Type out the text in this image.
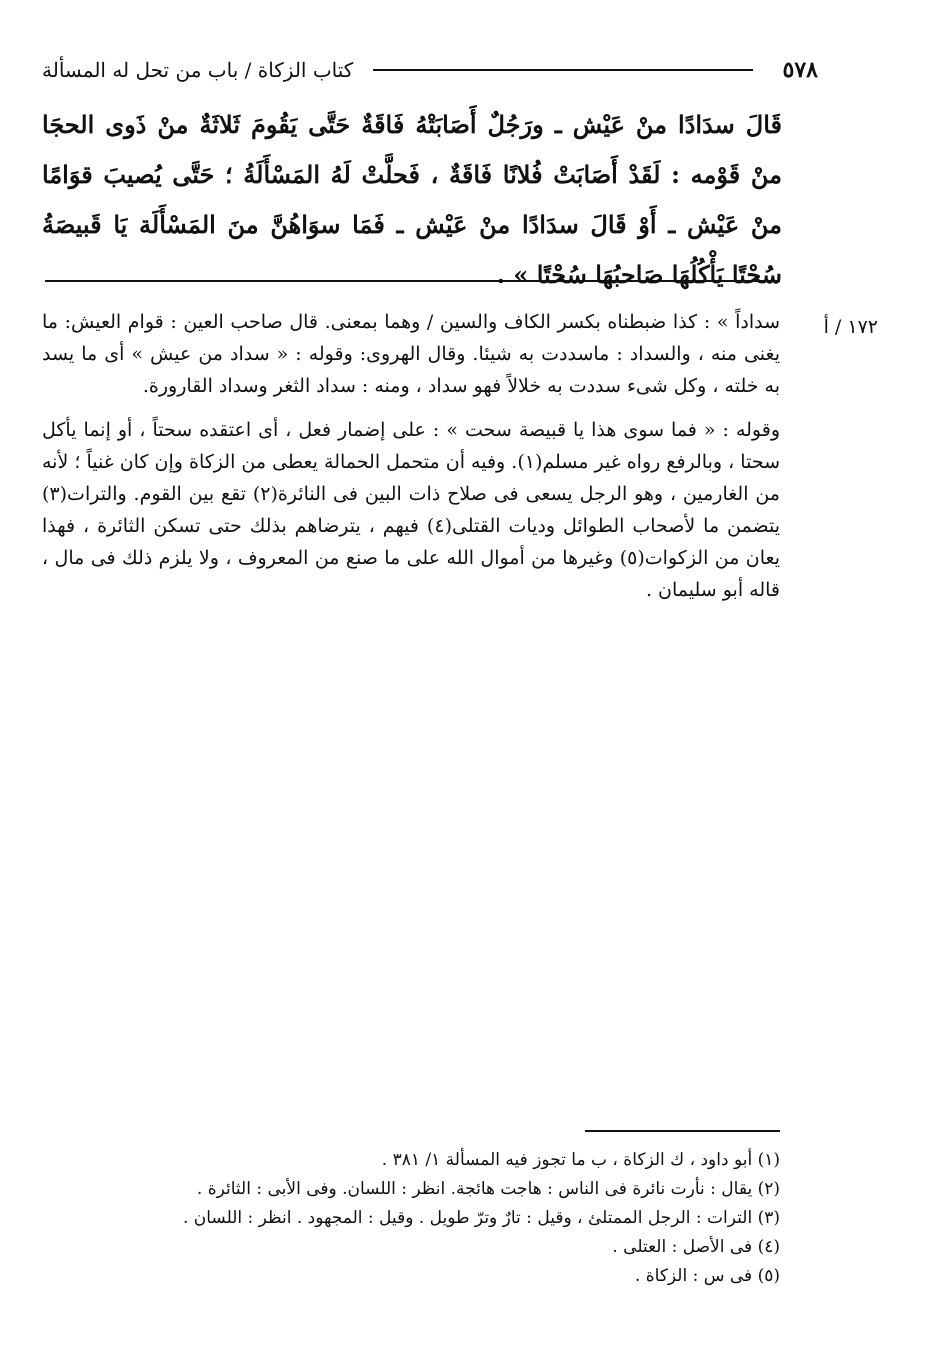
٥٧٨
كتاب الزكاة / باب من تحل له المسألة
قَالَ سدَادًا منْ عَيْش ـ ورَجُلٌ أَصَابَتْهُ فَاقَةٌ حَتَّى يَقُومَ ثَلاثَةٌ منْ ذَوى الحجَا منْ قَوْمه : لَقَدْ أَصَابَتْ فُلانًا فَاقَةٌ ، فَحلَّتْ لَهُ المَسْأَلَةُ ؛ حَتَّى يُصيبَ قوَامًا منْ عَيْش ـ أَوْ قَالَ سدَادًا منْ عَيْش ـ فَمَا سوَاهُنَّ منَ المَسْأَلَة يَا قَبيصَةُ سُحْتًا يَأْكُلُهَا صَاحبُهَا سُحْتًا » .
١٧٢ / أ

سداداً » : كذا ضبطناه بكسر الكاف والسين / وهما بمعنى. قال صاحب العين : قوام العيش: ما يغنى منه ، والسداد : ماسددت به شيئا. وقال الهروى: وقوله : « سداد من عيش » أى ما يسد به خلته ، وكل شىء سددت به خلالاً فهو سداد ، ومنه : سداد الثغر وسداد القارورة.

وقوله : « فما سوى هذا يا قبيصة سحت » : على إضمار فعل ، أى اعتقده سحتاً ، أو إنما يأكل سحتا ، وبالرفع رواه غير مسلم(١). وفيه أن متحمل الحمالة يعطى من الزكاة وإن كان غنياً ؛ لأنه من الغارمين ، وهو الرجل يسعى فى صلاح ذات البين فى النائرة(٢) تقع بين القوم. والترات(٣) يتضمن ما لأصحاب الطوائل وديات القتلى(٤) فيهم ، يترضاهم بذلك حتى تسكن الثائرة ، فهذا يعان من الزكوات(٥) وغيرها من أموال الله على ما صنع من المعروف ، ولا يلزم ذلك فى مال ، قاله أبو سليمان .

(١) أبو داود ، ك الزكاة ، ب ما تجوز فيه المسألة ١/ ٣٨١ .
(٢) يقال : نأرت نائرة فى الناس : هاجت هائجة. انظر : اللسان. وفى الأبى : الثائرة .
(٣) الترات : الرجل الممتلئ ، وقيل : تارٌ وترّ طويل . وقيل : المجهود . انظر : اللسان .
(٤) فى الأصل : العتلى .
(٥) فى س : الزكاة .
